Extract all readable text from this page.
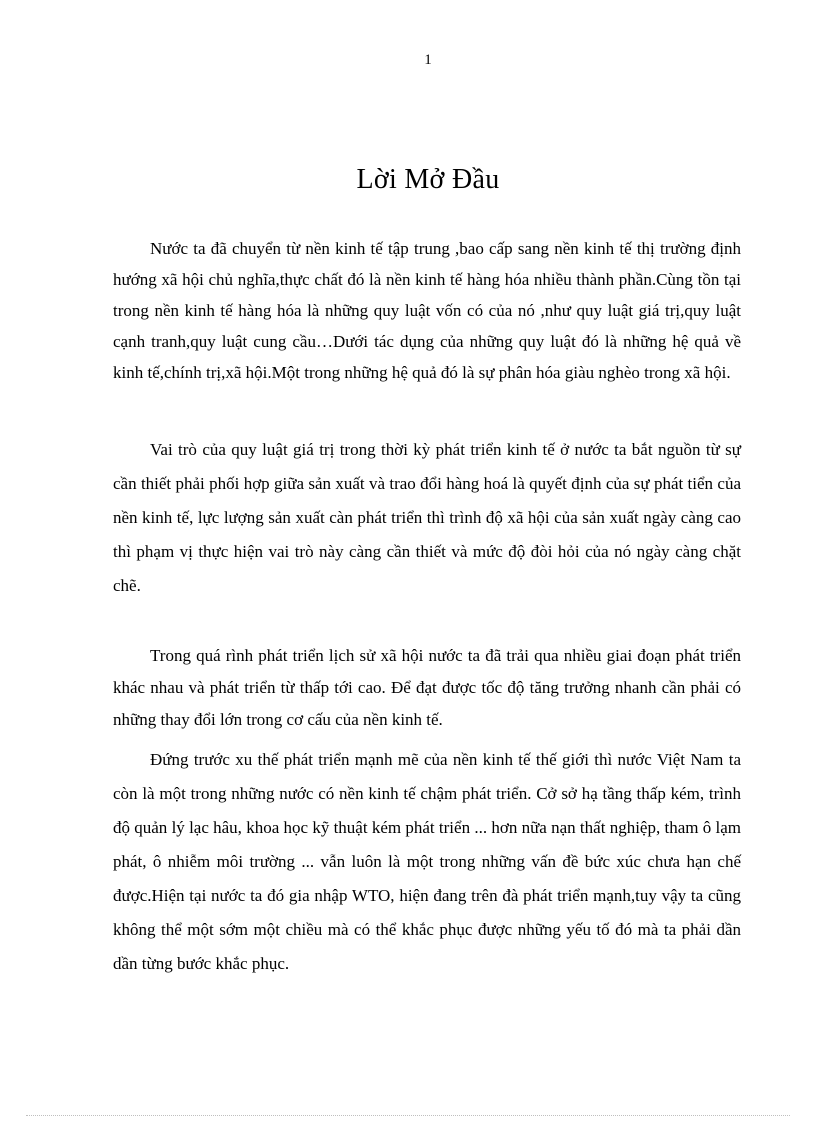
1
Lời Mở Đầu

Nước ta đã chuyển từ nền kinh tế tập trung ,bao cấp sang nền kinh tế thị trường định hướng xã hội chủ nghĩa,thực chất đó là nền kinh tế hàng hóa nhiều thành phần.Cùng tồn tại trong nền kinh tế hàng hóa là những quy luật vốn có của nó ,như quy luật giá trị,quy luật cạnh tranh,quy luật cung cầu…Dưới tác dụng của những quy luật đó là những hệ quả về kinh tế,chính trị,xã hội.Một trong những hệ quả đó là sự phân hóa giàu nghèo trong xã hội.

Vai trò của quy luật giá trị trong thời kỳ phát triển kinh tế ở nước ta bắt nguồn từ sự cần thiết phải phối hợp giữa sản xuất và trao đổi hàng hoá là quyết định của sự phát tiển của nền kinh tế, lực lượng sản xuất càn phát triển thì trình độ xã hội của sản xuất ngày càng cao thì phạm vị thực hiện vai trò này càng cần thiết và mức độ đòi hỏi của nó ngày càng chặt chẽ.

Trong quá rình phát triển lịch sử xã hội nước ta đã trải qua nhiều giai đoạn phát triển khác nhau và phát triển từ thấp tới cao. Để đạt được tốc độ tăng trưởng nhanh cần phải có những thay đổi lớn trong cơ cấu của nền kinh tế.

Đứng trước xu thế phát triển mạnh mẽ của nền kinh tế thế giới thì nước Việt Nam ta còn là một trong những nước có nền kinh tế chậm phát triển. Cở sở hạ tầng thấp kém, trình độ quản lý lạc hâu, khoa học kỹ thuật kém phát triển ... hơn nữa nạn thất nghiệp, tham ô lạm phát, ô nhiễm môi trường ... vẫn luôn là một trong những vấn đề bức xúc chưa hạn chế được.Hiện tại nước ta đó gia nhập WTO, hiện đang trên đà phát triển mạnh,tuy vậy ta cũng không thể một sớm một chiều mà có thể khắc phục được những yếu tố đó mà ta phải dần dần từng bước khắc phục.
